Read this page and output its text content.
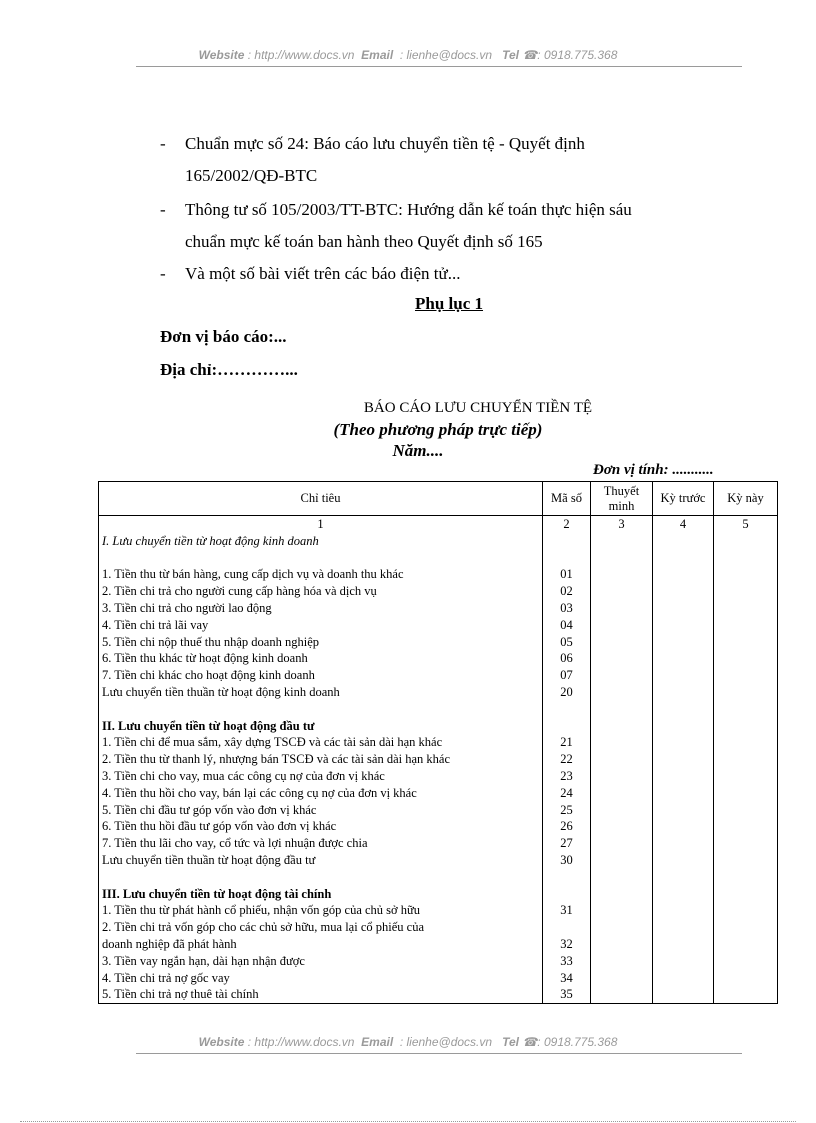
Website : http://www.docs.vn Email  : lienhe@docs.vn Tel ☎: 0918.775.368
- Chuẩn mực số 24: Báo cáo lưu chuyển tiền tệ - Quyết định
165/2002/QĐ-BTC
- Thông tư số 105/2003/TT-BTC: Hướng dẫn kế toán thực hiện sáu
chuẩn mực kế toán ban hành theo Quyết định số 165
- Và một số bài viết trên các báo điện tử...
Phụ lục 1
Đơn vị báo cáo:...
Địa chỉ:…………...
BÁO CÁO LƯU CHUYỂN TIỀN TỆ
(Theo phương pháp trực tiếp)
Năm....
Đơn vị tính: ...........
Chỉ tiêu	Mã số	Thuyết minh	Kỳ trước	Kỳ này
1	2	3	4	5
I. Lưu chuyển tiền từ hoạt động kinh doanh				

1. Tiền thu từ bán hàng, cung cấp dịch vụ và doanh thu khác	01			
2. Tiền chi trả cho người cung cấp hàng hóa và dịch vụ	02			
3. Tiền chi trả cho người lao động	03			
4. Tiền chi trả lãi vay	04			
5. Tiền chi nộp thuế thu nhập doanh nghiệp	05			
6. Tiền thu khác từ hoạt động kinh doanh	06			
7. Tiền chi khác cho hoạt động kinh doanh	07			
Lưu chuyển tiền thuần từ hoạt động kinh doanh	20			

II. Lưu chuyển tiền từ hoạt động đầu tư				
1. Tiền chi để mua sắm, xây dựng TSCĐ và các tài sản dài hạn khác	21			
2. Tiền thu từ thanh lý, nhượng bán TSCĐ và các tài sản dài hạn khác	22			
3. Tiền chi cho vay, mua các công cụ nợ của đơn vị khác	23			
4. Tiền thu hồi cho vay, bán lại các công cụ nợ của đơn vị khác	24			
5. Tiền chi đầu tư góp vốn vào đơn vị khác	25			
6. Tiền thu hồi đầu tư góp vốn vào đơn vị khác	26			
7. Tiền thu lãi cho vay, cổ tức và lợi nhuận được chia	27			
Lưu chuyển tiền thuần từ hoạt động đầu tư	30			

III. Lưu chuyển tiền từ hoạt động tài chính				
1. Tiền thu từ phát hành cổ phiếu, nhận vốn góp của chủ sở hữu	31			
2. Tiền chi trả vốn góp cho các chủ sở hữu, mua lại cổ phiếu của				
doanh nghiệp đã phát hành	32			
3. Tiền vay ngắn hạn, dài hạn nhận được	33			
4. Tiền chi trả nợ gốc vay	34			
5. Tiền chi trả nợ thuê tài chính	35			
Website : http://www.docs.vn Email  : lienhe@docs.vn Tel ☎: 0918.775.368
